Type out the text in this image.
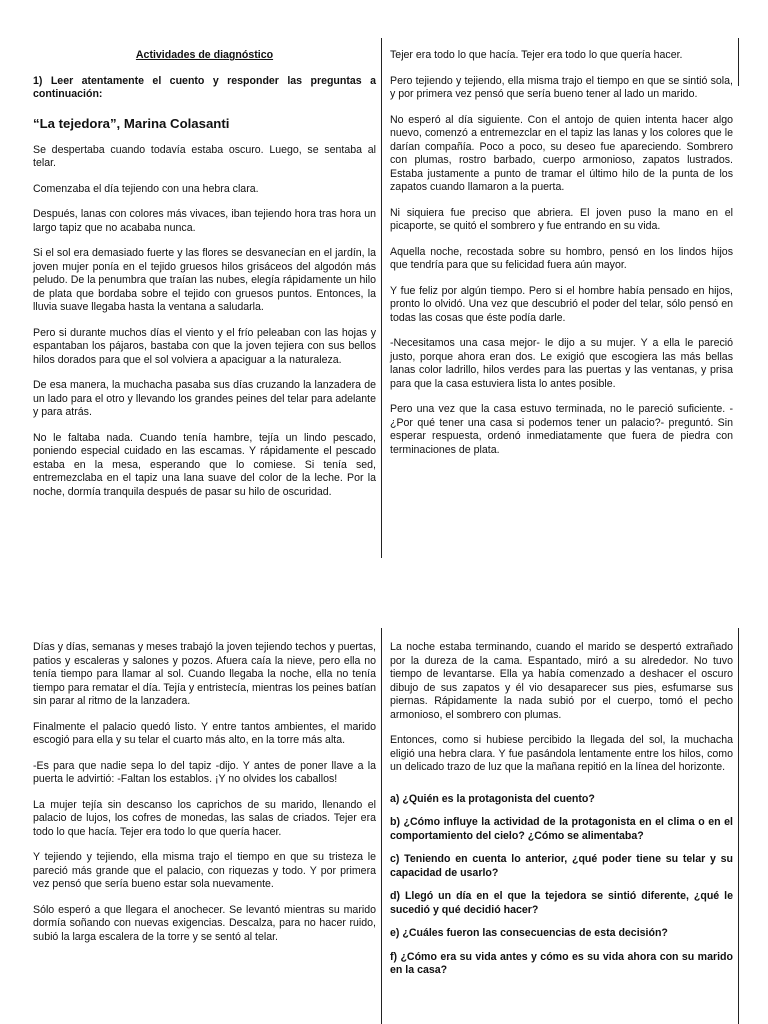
Actividades de diagnóstico

1) Leer atentamente el cuento y responder las preguntas a continuación:

“La tejedora”, Marina Colasanti

Se despertaba cuando todavía estaba oscuro. Luego, se sentaba al telar.

Comenzaba el día tejiendo con una hebra clara.

Después, lanas con colores más vivaces, iban tejiendo hora tras hora un largo tapiz que no acababa nunca.

Si el sol era demasiado fuerte y las flores se desvanecían en el jardín, la joven mujer ponía en el tejido gruesos hilos grisáceos del algodón más peludo. De la penumbra que traían las nubes, elegía rápidamente un hilo de plata que bordaba sobre el tejido con gruesos puntos. Entonces, la lluvia suave llegaba hasta la ventana a saludarla.

Pero si durante muchos días el viento y el frío peleaban con las hojas y espantaban los pájaros, bastaba con que la joven tejiera con sus bellos hilos dorados para que el sol volviera a apaciguar a la naturaleza.

De esa manera, la muchacha pasaba sus días cruzando la lanzadera de un lado para el otro y llevando los grandes peines del telar para adelante y para atrás.

No le faltaba nada. Cuando tenía hambre, tejía un lindo pescado, poniendo especial cuidado en las escamas. Y rápidamente el pescado estaba en la mesa, esperando que lo comiese. Si tenía sed, entremezclaba en el tapiz una lana suave del color de la leche. Por la noche, dormía tranquila después de pasar su hilo de oscuridad.

Tejer era todo lo que hacía. Tejer era todo lo que quería hacer.

Pero tejiendo y tejiendo, ella misma trajo el tiempo en que se sintió sola, y por primera vez pensó que sería bueno tener al lado un marido.

No esperó al día siguiente. Con el antojo de quien intenta hacer algo nuevo, comenzó a entremezclar en el tapiz las lanas y los colores que le darían compañía. Poco a poco, su deseo fue apareciendo. Sombrero con plumas, rostro barbado, cuerpo armonioso, zapatos lustrados. Estaba justamente a punto de tramar el último hilo de la punta de los zapatos cuando llamaron a la puerta.

Ni siquiera fue preciso que abriera. El joven puso la mano en el picaporte, se quitó el sombrero y fue entrando en su vida.

Aquella noche, recostada sobre su hombro, pensó en los lindos hijos que tendría para que su felicidad fuera aún mayor.

Y fue feliz por algún tiempo. Pero si el hombre había pensado en hijos, pronto lo olvidó. Una vez que descubrió el poder del telar, sólo pensó en todas las cosas que éste podía darle.

-Necesitamos una casa mejor- le dijo a su mujer. Y a ella le pareció justo, porque ahora eran dos. Le exigió que escogiera las más bellas lanas color ladrillo, hilos verdes para las puertas y las ventanas, y prisa para que la casa estuviera lista lo antes posible.

Pero una vez que la casa estuvo terminada, no le pareció suficiente. -¿Por qué tener una casa si podemos tener un palacio?- preguntó. Sin esperar respuesta, ordenó inmediatamente que fuera de piedra con terminaciones de plata.

Días y días, semanas y meses trabajó la joven tejiendo techos y puertas, patios y escaleras y salones y pozos. Afuera caía la nieve, pero ella no tenía tiempo para llamar al sol. Cuando llegaba la noche, ella no tenía tiempo para rematar el día. Tejía y entristecía, mientras los peines batían sin parar al ritmo de la lanzadera.

Finalmente el palacio quedó listo. Y entre tantos ambientes, el marido escogió para ella y su telar el cuarto más alto, en la torre más alta.

-Es para que nadie sepa lo del tapiz -dijo. Y antes de poner llave a la puerta le advirtió: -Faltan los establos. ¡Y no olvides los caballos!

La mujer tejía sin descanso los caprichos de su marido, llenando el palacio de lujos, los cofres de monedas, las salas de criados. Tejer era todo lo que hacía. Tejer era todo lo que quería hacer.

Y tejiendo y tejiendo, ella misma trajo el tiempo en que su tristeza le pareció más grande que el palacio, con riquezas y todo. Y por primera vez pensó que sería bueno estar sola nuevamente.

Sólo esperó a que llegara el anochecer. Se levantó mientras su marido dormía soñando con nuevas exigencias. Descalza, para no hacer ruido, subió la larga escalera de la torre y se sentó al telar.

La noche estaba terminando, cuando el marido se despertó extrañado por la dureza de la cama. Espantado, miró a su alrededor. No tuvo tiempo de levantarse. Ella ya había comenzado a deshacer el oscuro dibujo de sus zapatos y él vio desaparecer sus pies, esfumarse sus piernas. Rápidamente la nada subió por el cuerpo, tomó el pecho armonioso, el sombrero con plumas.

Entonces, como si hubiese percibido la llegada del sol, la muchacha eligió una hebra clara. Y fue pasándola lentamente entre los hilos, como un delicado trazo de luz que la mañana repitió en la línea del horizonte.

a) ¿Quién es la protagonista del cuento?

b) ¿Cómo influye la actividad de la protagonista en el clima o en el comportamiento del cielo? ¿Cómo se alimentaba?

c) Teniendo en cuenta lo anterior, ¿qué poder tiene su telar y su capacidad de usarlo?

d) Llegó un día en el que la tejedora se sintió diferente, ¿qué le sucedió y qué decidió hacer?

e) ¿Cuáles fueron las consecuencias de esta decisión?

f) ¿Cómo era su vida antes y cómo es su vida ahora con su marido en la casa?
